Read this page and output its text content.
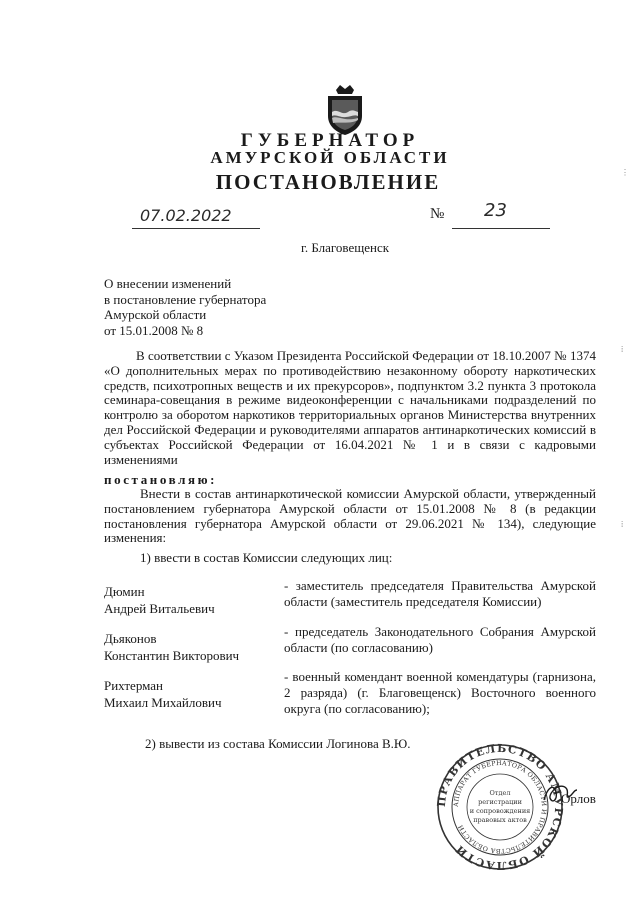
ГУБЕРНАТОР
АМУРСКОЙ ОБЛАСТИ
ПОСТАНОВЛЕНИЕ
07.02.2022	№ 23
г. Благовещенск
О внесении изменений
в постановление губернатора
Амурской области
от 15.01.2008 № 8
В соответствии с Указом Президента Российской Федерации от 18.10.2007 № 1374 «О дополнительных мерах по противодействию незаконному обороту наркотических средств, психотропных веществ и их прекурсоров», подпунктом 3.2 пункта 3 протокола семинара-совещания в режиме видеоконференции с начальниками подразделений по контролю за оборотом наркотиков территориальных органов Министерства внутренних дел Российской Федерации и руководителями аппаратов антинаркотических комиссий в субъектах Российской Федерации от 16.04.2021 № 1 и в связи с кадровыми изменениями
постановляю:
Внести в состав антинаркотической комиссии Амурской области, утвержденный постановлением губернатора Амурской области от 15.01.2008 № 8 (в редакции постановления губернатора Амурской области от 29.06.2021 № 134), следующие изменения:
1) ввести в состав Комиссии следующих лиц:
Дюмин
Андрей Витальевич
- заместитель председателя Правительства Амурской области (заместитель председателя Комиссии)
Дьяконов
Константин Викторович
- председатель Законодательного Собрания Амурской области (по согласованию)
Рихтерман
Михаил Михайлович
- военный комендант военной комендатуры (гарнизона, 2 разряда) (г. Благовещенск) Восточного военного округа (по согласованию);
2) вывести из состава Комиссии Логинова В.Ю.
ПРАВИТЕЛЬСТВО АМУРСКОЙ ОБЛАСТИ
АППАРАТ ГУБЕРНАТОРА ОБЛАСТИ И ПРАВИТЕЛЬСТВА ОБЛАСТИ
Отдел
регистрации
и сопровождения
правовых актов
Орлов
⋮
⁞
⁞
